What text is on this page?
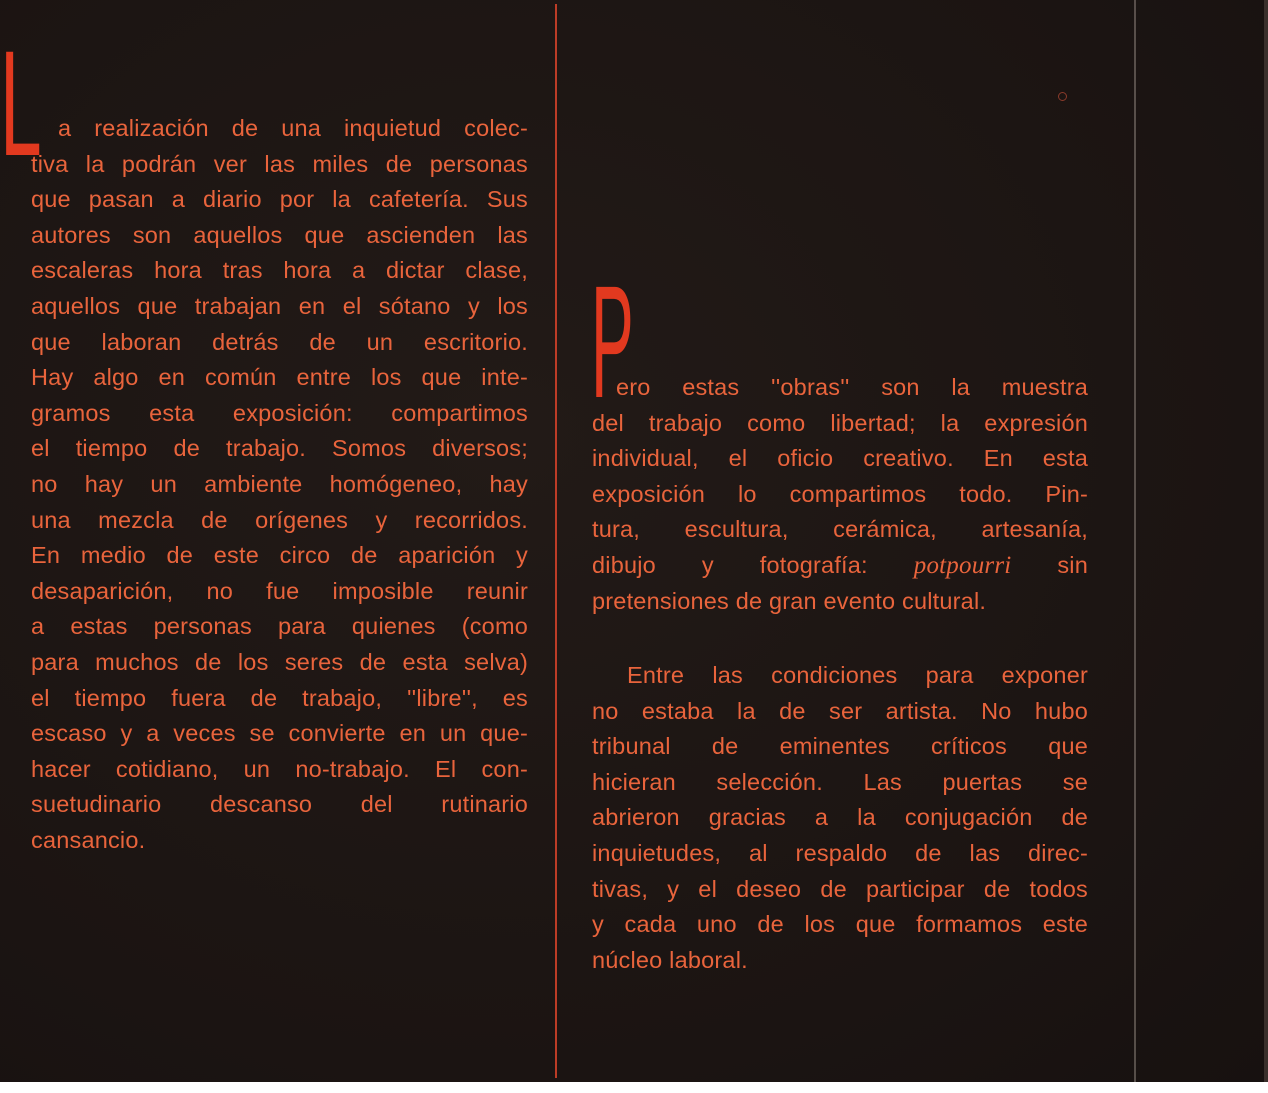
L a realización de una inquietud colec-
tiva la podrán ver las miles de personas
que pasan a diario por la cafetería. Sus
autores son aquellos que ascienden las
escaleras hora tras hora a dictar clase,
aquellos que trabajan en el sótano y los
que laboran detrás de un escritorio.
Hay algo en común entre los que inte-
gramos esta exposición: compartimos
el tiempo de trabajo. Somos diversos;
no hay un ambiente homógeneo, hay
una mezcla de orígenes y recorridos.
En medio de este circo de aparición y
desaparición, no fue imposible reunir
a estas personas para quienes (como
para muchos de los seres de esta selva)
el tiempo fuera de trabajo, ''libre'', es
escaso y a veces se convierte en un que-
hacer cotidiano, un no-trabajo. El con-
suetudinario descanso del rutinario
cansancio.
P
ero estas ''obras'' son la muestra
del trabajo como libertad; la expresión
individual, el oficio creativo. En esta
exposición lo compartimos todo. Pin-
tura, escultura, cerámica, artesanía,
dibujo y fotografía: potpourri sin
pretensiones de gran evento cultural.
Entre las condiciones para exponer
no estaba la de ser artista. No hubo
tribunal de eminentes críticos que
hicieran selección. Las puertas se
abrieron gracias a la conjugación de
inquietudes, al respaldo de las direc-
tivas, y el deseo de participar de todos
y cada uno de los que formamos este
núcleo laboral.
